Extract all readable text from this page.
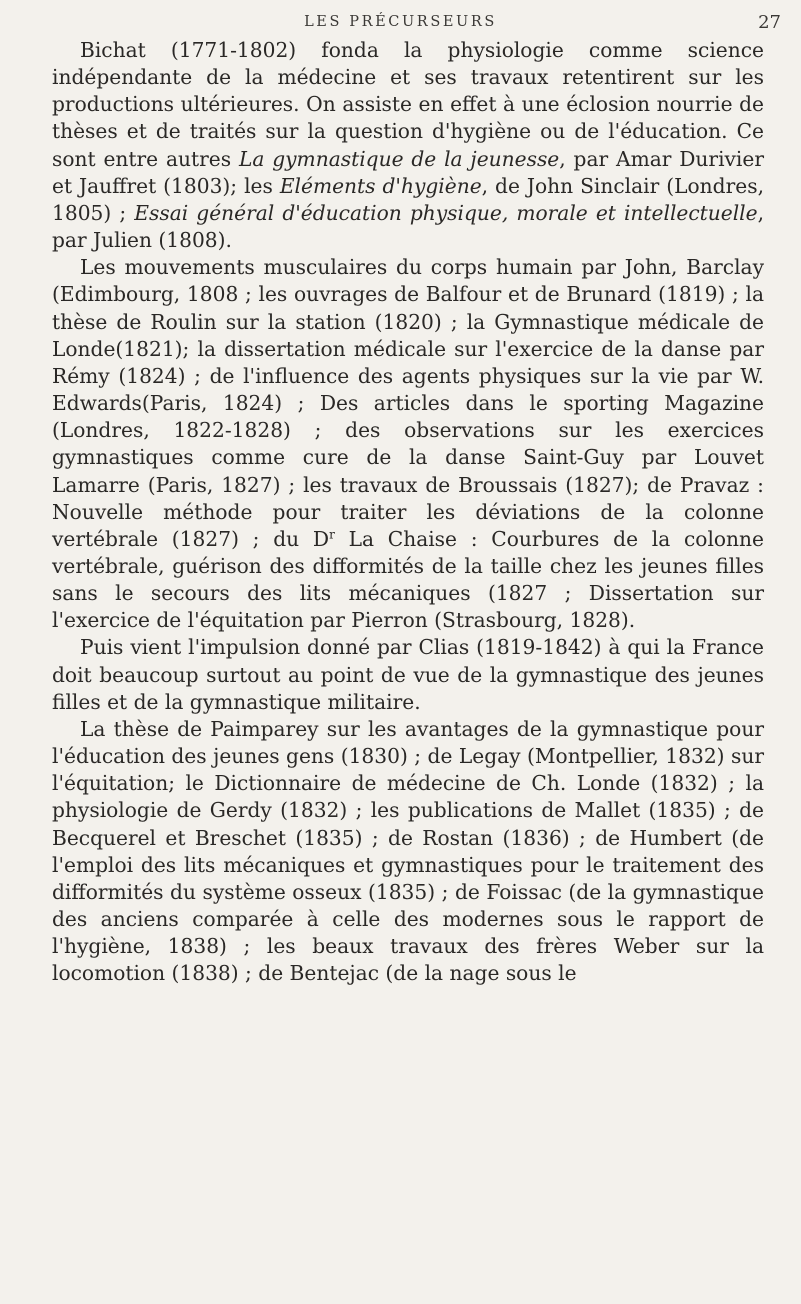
LES PRÉCURSEURS	27

Bichat (1771-1802) fonda la physiologie comme science indépendante de la médecine et ses travaux retentirent sur les productions ultérieures. On assiste en effet à une éclosion nourrie de thèses et de traités sur la question d'hygiène ou de l'éducation. Ce sont entre autres La gymnastique de la jeunesse, par Amar Durivier et Jauffret (1803); les Eléments d'hygiène, de John Sinclair (Londres, 1805) ; Essai général d'éducation physique, morale et intellectuelle, par Julien (1808).

Les mouvements musculaires du corps humain par John, Barclay (Edimbourg, 1808 ; les ouvrages de Balfour et de Brunard (1819) ; la thèse de Roulin sur la station (1820) ; la Gymnastique médicale de Londe(1821); la dissertation médicale sur l'exercice de la danse par Rémy (1824) ; de l'influence des agents physiques sur la vie par W. Edwards(Paris, 1824) ; Des articles dans le sporting Magazine (Londres, 1822-1828) ; des observations sur les exercices gymnastiques comme cure de la danse Saint-Guy par Louvet Lamarre (Paris, 1827) ; les travaux de Broussais (1827); de Pravaz : Nouvelle méthode pour traiter les déviations de la colonne vertébrale (1827) ; du $D^r$ La Chaise : Courbures de la colonne vertébrale, guérison des difformités de la taille chez les jeunes filles sans le secours des lits mécaniques (1827 ; Dissertation sur l'exercice de l'équitation par Pierron (Strasbourg, 1828).

Puis vient l'impulsion donné par Clias (1819-1842) à qui la France doit beaucoup surtout au point de vue de la gymnastique des jeunes filles et de la gymnastique militaire.

La thèse de Paimparey sur les avantages de la gymnastique pour l'éducation des jeunes gens (1830) ; de Legay (Montpellier, 1832) sur l'équitation; le Dictionnaire de médecine de Ch. Londe (1832) ; la physiologie de Gerdy (1832) ; les publications de Mallet (1835) ; de Becquerel et Breschet (1835) ; de Rostan (1836) ; de Humbert (de l'emploi des lits mécaniques et gymnastiques pour le traitement des difformités du système osseux (1835) ; de Foissac (de la gymnastique des anciens comparée à celle des modernes sous le rapport de l'hygiène, 1838) ; les beaux travaux des frères Weber sur la locomotion (1838) ; de Bentejac (de la nage sous le
